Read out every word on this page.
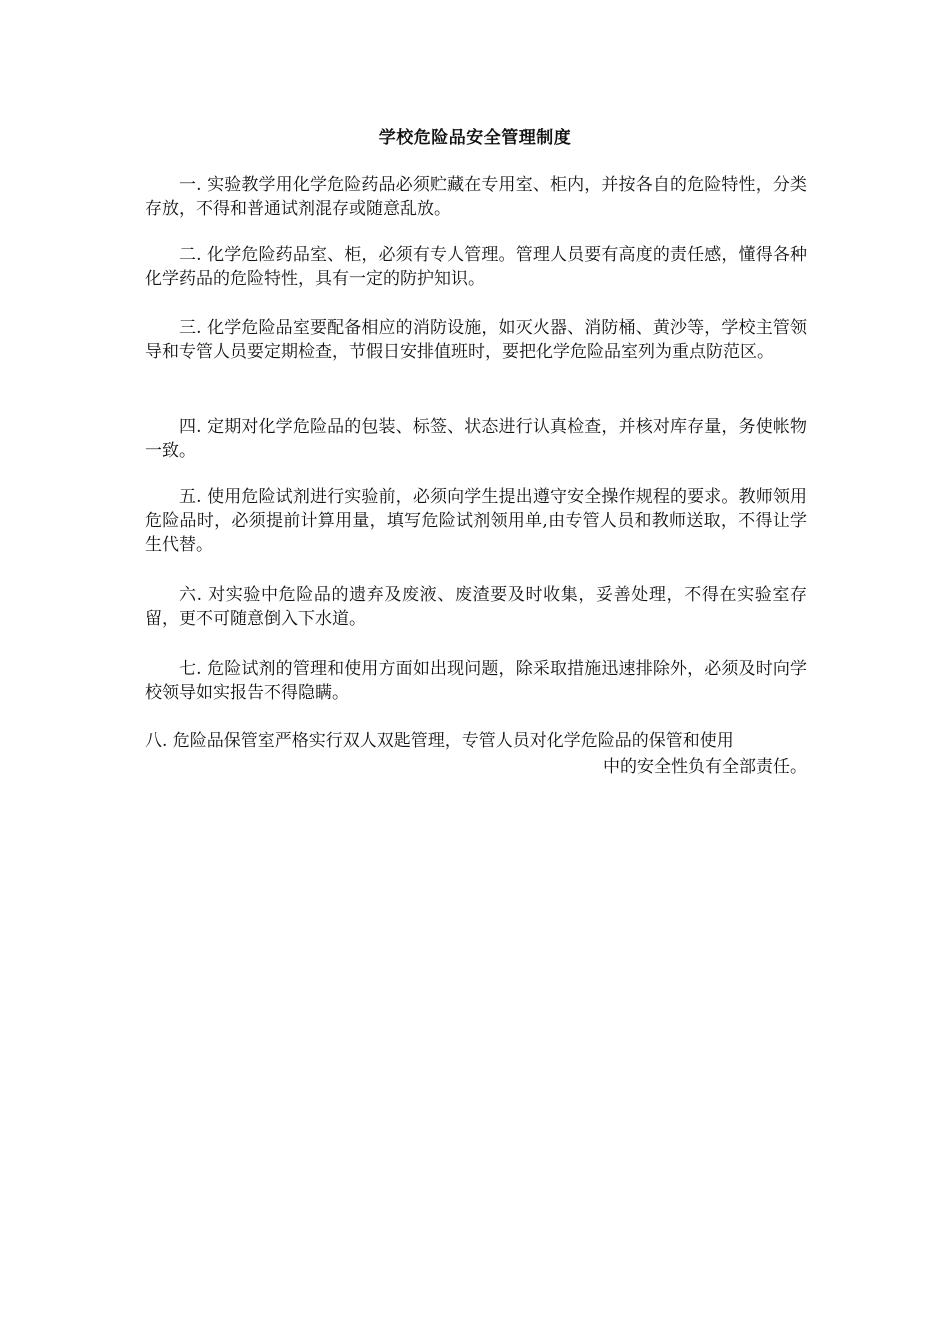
学校危险品安全管理制度

一. 实验教学用化学危险药品必须贮藏在专用室、柜内，并按各自的危险特性，分类存放，不得和普通试剂混存或随意乱放。

二. 化学危险药品室、柜，必须有专人管理。管理人员要有高度的责任感，懂得各种化学药品的危险特性，具有一定的防护知识。

三. 化学危险品室要配备相应的消防设施，如灭火器、消防桶、黄沙等，学校主管领导和专管人员要定期检查，节假日安排值班时，要把化学危险品室列为重点防范区。

四. 定期对化学危险品的包装、标签、状态进行认真检查，并核对库存量，务使帐物一致。

五. 使用危险试剂进行实验前，必须向学生提出遵守安全操作规程的要求。教师领用危险品时，必须提前计算用量，填写危险试剂领用单,由专管人员和教师送取，不得让学生代替。

六. 对实验中危险品的遗弃及废液、废渣要及时收集，妥善处理，不得在实验室存留，更不可随意倒入下水道。

七. 危险试剂的管理和使用方面如出现问题，除采取措施迅速排除外，必须及时向学校领导如实报告不得隐瞒。

八. 危险品保管室严格实行双人双匙管理，专管人员对化学危险品的保管和使用

中的安全性负有全部责任。
